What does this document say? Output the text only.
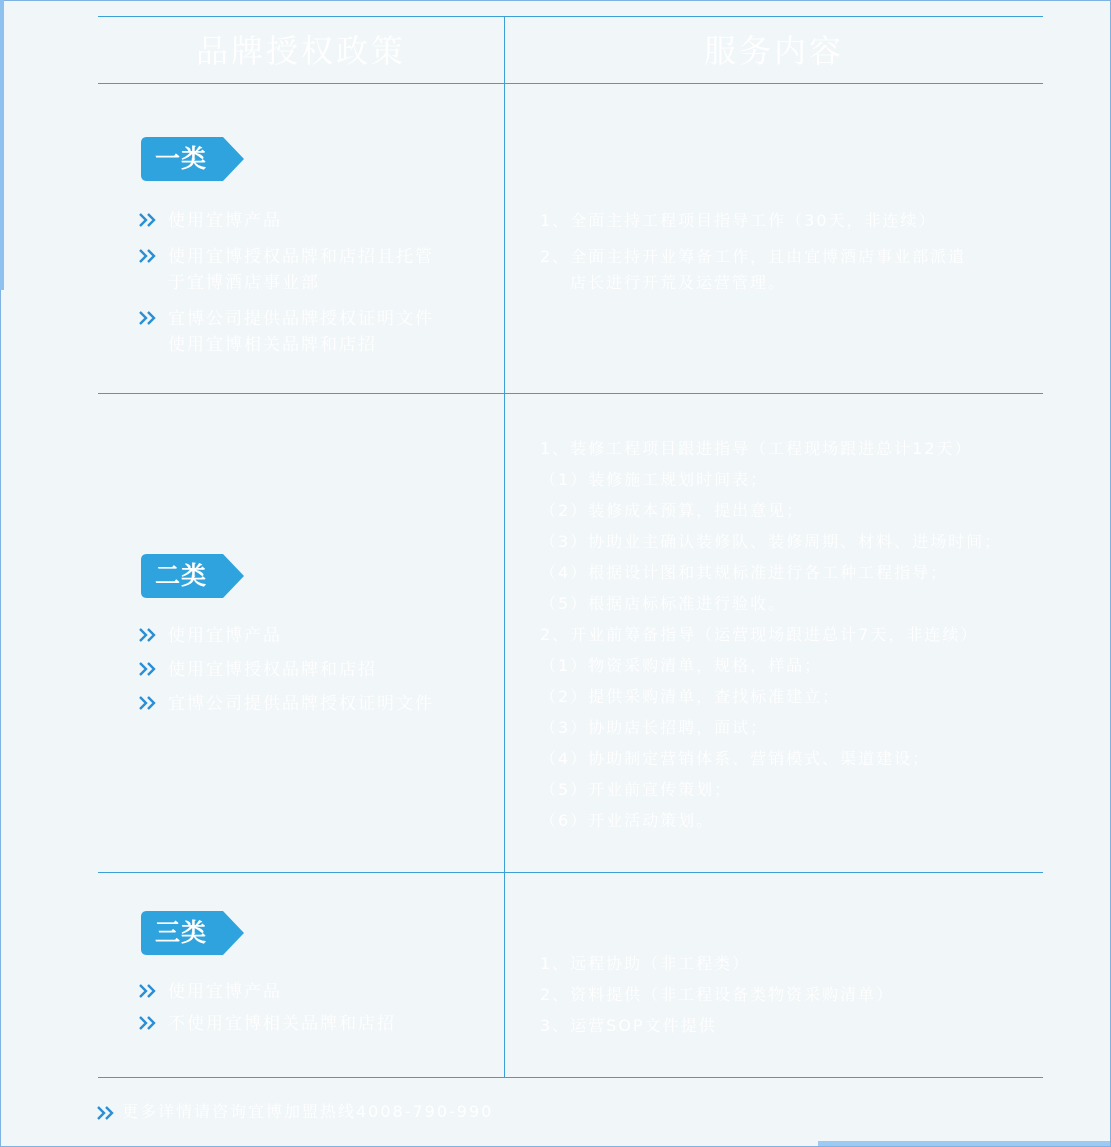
品牌授权政策	服务内容
一类
使用宜博产品
使用宜博授权品牌和店招且托管于宜博酒店事业部
宜博公司提供品牌授权证明文件使用宜博相关品牌和店招
1、全面主持工程项目指导工作（30天，非连续）
2、全面主持开业筹备工作，且由宜博酒店事业部派遣
店长进行开荒及运营管理。
二类
使用宜博产品
使用宜博授权品牌和店招
宜博公司提供品牌授权证明文件
1、装修工程项目跟进指导（工程现场跟进总计12天）
（1）装修施工规划时间表；
（2）装修成本预算，提出意见；
（3）协助业主确认装修队、装修周期、材料、进场时间；
（4）根据设计图和其规标准进行各工种工程指导；
（5）根据店标标准进行验收。
2、开业前筹备指导（运营现场跟进总计7天，非连续）
（1）物资采购清单，规格，样品；
（2）提供采购清单，查找标准建立；
（3）协助店长招聘，面试；
（4）协助制定营销体系、营销模式、渠道建设；
（5）开业前宣传策划；
（6）开业活动策划。
三类
使用宜博产品
不使用宜博相关品牌和店招
1、远程协助（非工程类）
2、资料提供（非工程设备类物资采购清单）
3、运营SOP文件提供
更多详情请咨询宜博加盟热线4008-790-990
